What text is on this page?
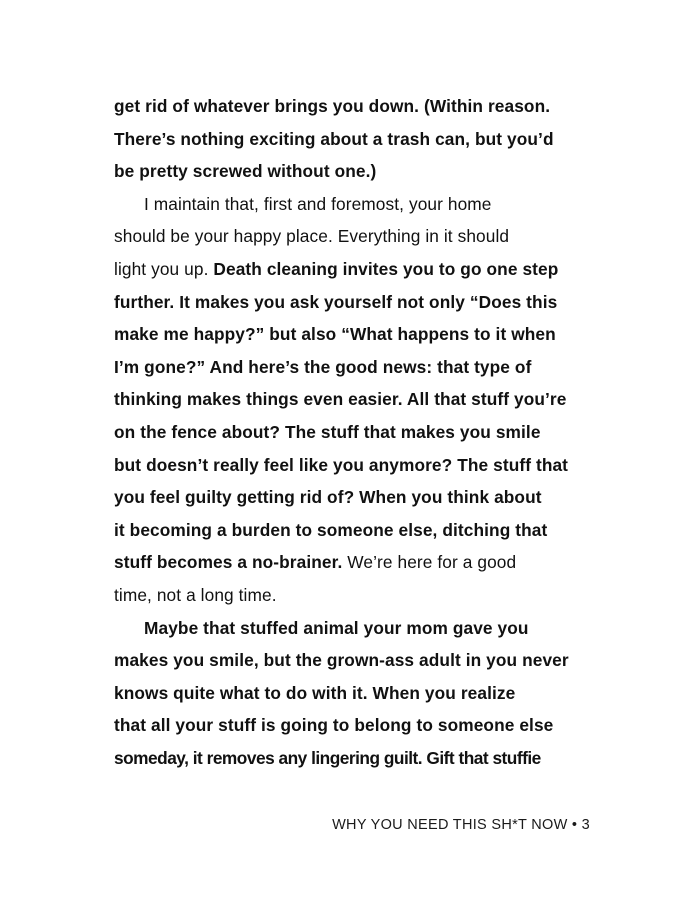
get rid of whatever brings you down. (Within reason.
There’s nothing exciting about a trash can, but you’d
be pretty screwed without one.)

I maintain that, first and foremost, your home
should be your happy place. Everything in it should
light you up. Death cleaning invites you to go one step
further. It makes you ask yourself not only “Does this
make me happy?” but also “What happens to it when
I’m gone?” And here’s the good news: that type of
thinking makes things even easier. All that stuff you’re
on the fence about? The stuff that makes you smile
but doesn’t really feel like you anymore? The stuff that
you feel guilty getting rid of? When you think about
it becoming a burden to someone else, ditching that
stuff becomes a no-brainer. We’re here for a good
time, not a long time.

Maybe that stuffed animal your mom gave you
makes you smile, but the grown-ass adult in you never
knows quite what to do with it. When you realize
that all your stuff is going to belong to someone else
someday, it removes any lingering guilt. Gift that stuffie

WHY YOU NEED THIS SH*T NOW • 3
